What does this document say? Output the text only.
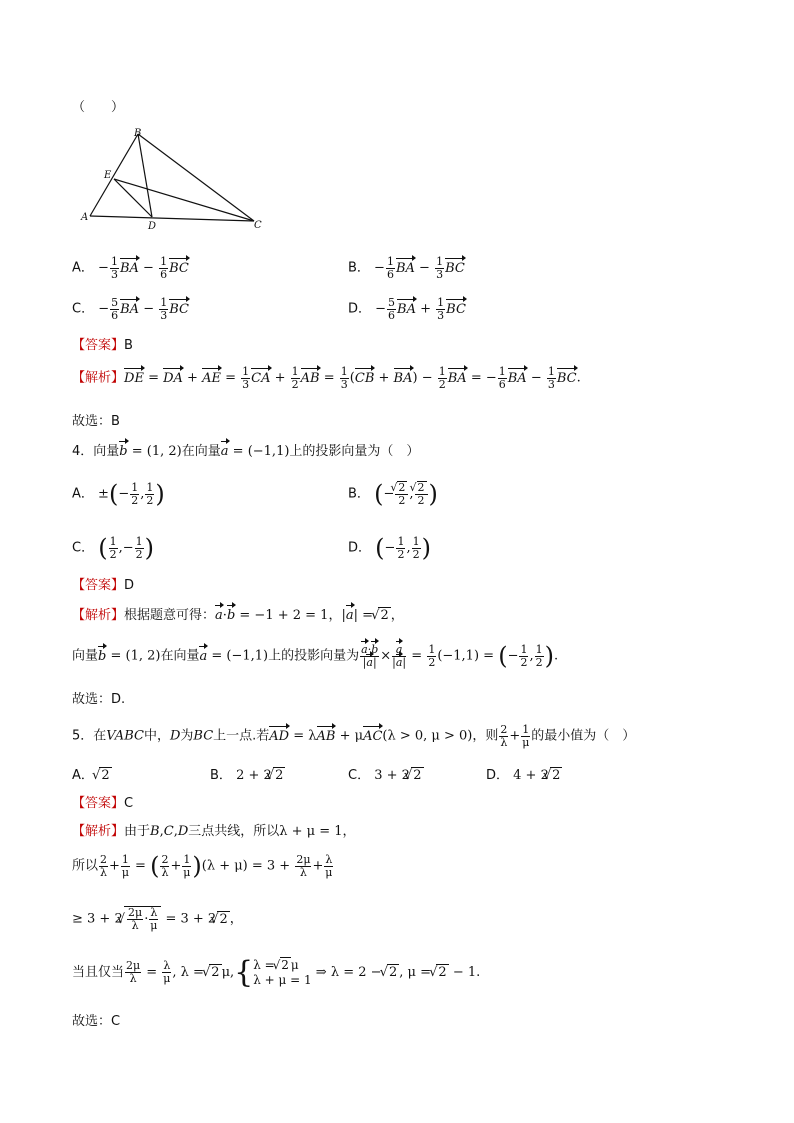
（　　）
B
E
A
D	C
A． − $\frac{1}{3}$ BA − $\frac{1}{6}$ BC	B． − $\frac{1}{6}$ BA − $\frac{1}{3}$ BC
C． − $\frac{5}{6}$ BA − $\frac{1}{3}$ BC	D． − $\frac{5}{6}$ BA + $\frac{1}{3}$ BC
【答案】B
【解析】DE = DA + AE = $\frac{1}{3}$ CA + $\frac{1}{2}$ AB = $\frac{1}{3} (CB + BA) - \frac{1}{2}$ BA = − $\frac{1}{6}$ BA − $\frac{1}{3}$ BC.
故选：B
4．向量b = (1, 2)在向量a = (−1,1)上的投影向量为（　）
A． ±(− $\frac{1}{2}$ , $\frac{1}{2}$ )	B． (−
√ $\frac{2}{2}$ ,
√ $\frac{2}{2}$ )
C． ( $\frac{1}{2}$ ,− $\frac{1}{2}$ )	D． (− $\frac{1}{2}$ , $\frac{1}{2}$ )
【答案】D
【解析】根据题意可得：a·b = −1 + 2 = 1，|a| = √ 2 ，
向量b = (1, 2)在向量a = (−1,1)上的投影向量为 $\frac{a\cdot b}{|a|} \times \frac{a}{|a|} = \frac{1}{2} (-1,1)$ = (− $\frac{1}{2}$ , $\frac{1}{2}$ ).
故选：D.
5．在VABC中，D为BC上一点.若AD = λAB + μAC(λ > 0, μ > 0)，则 $\frac{2}{\lambda} + \frac{1}{\mu}$ 的最小值为（　）
A． √ 2	B． 2 + 2√ 2	C． 3 + 2√ 2	D． 4 + 2√ 2
【答案】C
【解析】由于B,C,D三点共线，所以λ + μ = 1，
所以 $\frac{2}{\lambda} + \frac{1}{\mu}$ = ( $\frac{2}{\lambda} + \frac{1}{\mu} )(\lambda + \mu) = 3 + \frac{2\mu}{\lambda} + \frac{\lambda}{\mu}$
≥ 3 + 2
√ $\frac{2\mu}{\lambda} \cdot \frac{\lambda}{\mu} = 3 + 2√$ 2 ，
当且仅当 $\frac{2\mu}{\lambda} = \frac{\lambda}{\mu}$ , λ = √ 2 μ,{λ = √ 2 μ
λ + μ = 1 ⇒ λ = 2 − √ 2 , μ = √ 2 − 1.
故选：C
